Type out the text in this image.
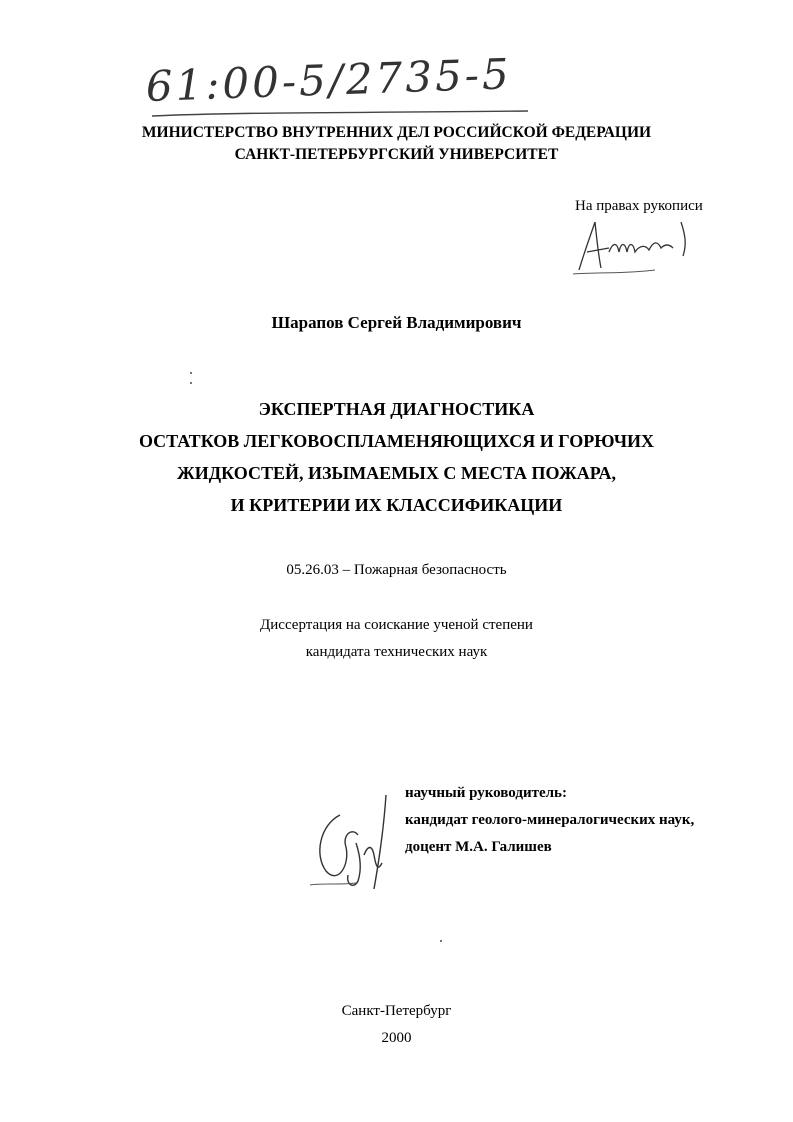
61:00-5/2735-5
МИНИСТЕРСТВО ВНУТРЕННИХ ДЕЛ РОССИЙСКОЙ ФЕДЕРАЦИИ
САНКТ-ПЕТЕРБУРГСКИЙ УНИВЕРСИТЕТ
На правах рукописи
Шарапов Сергей Владимирович
ЭКСПЕРТНАЯ ДИАГНОСТИКА
ОСТАТКОВ ЛЕГКОВОСПЛАМЕНЯЮЩИХСЯ И ГОРЮЧИХ
ЖИДКОСТЕЙ, ИЗЫМАЕМЫХ С МЕСТА ПОЖАРА,
И КРИТЕРИИ ИХ КЛАССИФИКАЦИИ
05.26.03 – Пожарная безопасность
Диссертация на соискание ученой степени
кандидата технических наук
научный руководитель:
кандидат геолого-минералогических наук,
доцент М.А. Галишев
Санкт-Петербург
2000
